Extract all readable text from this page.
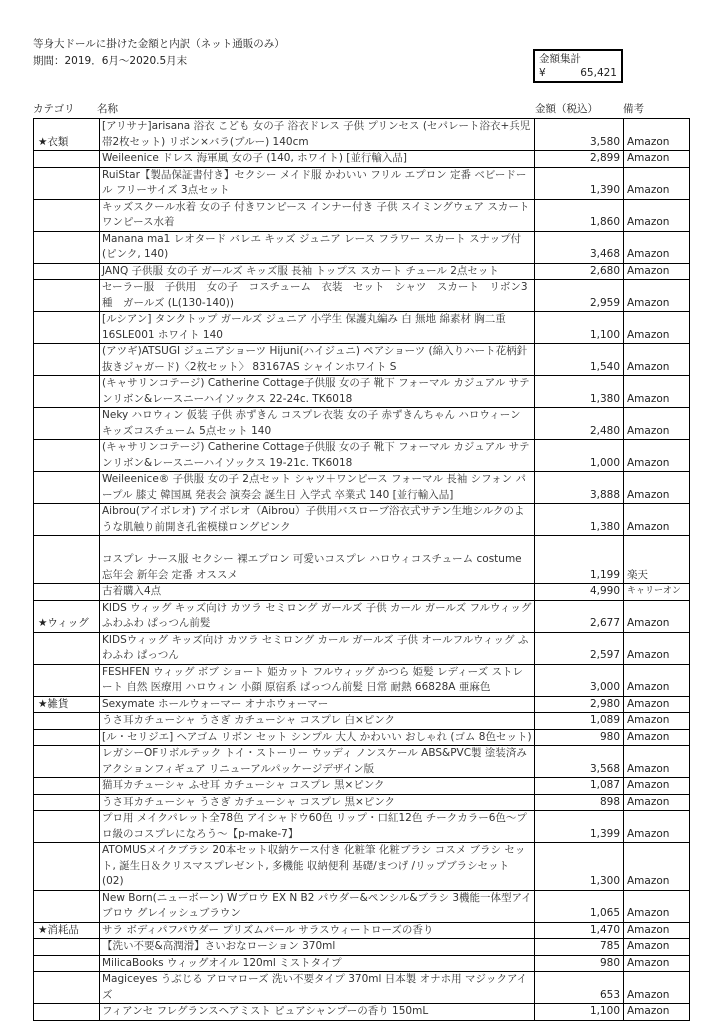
等身大ドールに掛けた金額と内訳（ネット通販のみ）
期間：2019．6月～2020.5月末	金額集計
¥	65,421
カテゴリ 名称	金額（税込） 備考
★衣類	[アリサナ]arisana 浴衣 こども 女の子 浴衣ドレス 子供 プリンセス (セパレート浴衣+兵児帯2枚セット) リボン×バラ(ブルー) 140cm	3,580	Amazon
	Weileenice ドレス 海軍風 女の子 (140, ホワイト) [並行輸入品]	2,899	Amazon
	RuiStar【製品保証書付き】セクシー メイド服 かわいい フリル エプロン 定番 ベビードール フリーサイズ 3点セット	1,390	Amazon
	キッズスクール水着 女の子 付きワンピース インナー付き 子供 スイミングウェア スカートワンピース水着	1,860	Amazon
	Manana ma1 レオタード バレエ キッズ ジュニア レース フラワー スカート スナップ付 (ピンク, 140)	3,468	Amazon
	JANQ 子供服 女の子 ガールズ キッズ服 長袖 トップス スカート チュール 2点セット	2,680	Amazon
	セーラー服　子供用　女の子　コスチューム　衣装　セット　シャツ　スカート　リボン3種　ガールズ (L(130-140))	2,959	Amazon
	[ルシアン] タンクトップ ガールズ ジュニア 小学生 保護丸編み 白 無地 綿素材 胸二重 16SLE001 ホワイト 140	1,100	Amazon
	(アツギ)ATSUGI ジュニアショーツ Hijuni(ハイジュニ) ペアショーツ (綿入りハート花柄針抜きジャガード)〈2枚セット〉 83167AS シャインホワイト S	1,540	Amazon
	(キャサリンコテージ) Catherine Cottage子供服 女の子 靴下 フォーマル カジュアル サテンリボン&レースニーハイソックス 22-24c. TK6018	1,380	Amazon
	Neky ハロウィン 仮装 子供 赤ずきん コスプレ衣装 女の子 赤ずきんちゃん ハロウィーン キッズコスチューム 5点セット 140	2,480	Amazon
	(キャサリンコテージ) Catherine Cottage子供服 女の子 靴下 フォーマル カジュアル サテンリボン&レースニーハイソックス 19-21c. TK6018	1,000	Amazon
	Weileenice® 子供服 女の子 2点セット シャツ＋ワンピース フォーマル 長袖 シフォン パープル 膝丈 韓国風 発表会 演奏会 誕生日 入学式 卒業式 140 [並行輸入品]	3,888	Amazon
	Aibrou(アイボレオ) アイボレオ（Aibrou）子供用バスローブ浴衣式サテン生地シルクのような肌触り前開き孔雀模様ロングピンク	1,380	Amazon
	コスプレ ナース服 セクシー 裸エプロン 可愛いコスプレ ハロウィコスチューム costume 忘年会 新年会 定番 オススメ	1,199	楽天
	古着購入4点	4,990	キャリーオン
★ウィッグ	KIDS ウィッグ キッズ向け カツラ セミロング ガールズ 子供 カール ガールズ フルウィッグ ふわふわ ぱっつん前髪	2,677	Amazon
	KIDSウィッグ キッズ向け カツラ セミロング カール ガールズ 子供 オールフルウィッグ ふわふわ ぱっつん	2,597	Amazon
	FESHFEN ウィッグ ボブ ショート 姫カット フルウィッグ かつら 姫髪 レディーズ ストレート 自然 医療用 ハロウィン 小顔 原宿系 ぱっつん前髪 日常 耐熱 66828A 亜麻色	3,000	Amazon
★雑貨	Sexymate ホールウォーマー オナホウォーマー	2,980	Amazon
	うさ耳カチューシャ うさぎ カチューシャ コスプレ 白×ピンク	1,089	Amazon
	[ル・セリジエ] ヘアゴム リボン セット シンプル 大人 かわいい おしゃれ (ゴム 8色セット)	980	Amazon
	レガシーOFリボルテック トイ・ストーリー ウッディ ノンスケール ABS&PVC製 塗装済みアクションフィギュア リニューアルパッケージデザイン版	3,568	Amazon
	猫耳カチューシャ ふせ耳 カチューシャ コスプレ 黒×ピンク	1,087	Amazon
	うさ耳カチューシャ うさぎ カチューシャ コスプレ 黒×ピンク	898	Amazon
	プロ用 メイクパレット全78色 アイシャドウ60色 リップ・口紅12色 チークカラー6色～プロ級のコスプレになろう～【p-make-7】	1,399	Amazon
	ATOMUSメイクブラシ 20本セット収納ケース付き 化粧筆 化粧ブラシ コスメ ブラシ セット, 誕生日＆クリスマスプレゼント, 多機能 収納便利 基礎/まつげ /リップブラシセット (02)	1,300	Amazon
	New Born(ニューボーン) Wブロウ EX N B2 パウダー&ペンシル&ブラシ 3機能一体型アイブロウ グレイッシュブラウン	1,065	Amazon
★消耗品	サラ ボディパフパウダー プリズムパール サラスウィートローズの香り	1,470	Amazon
	【洗い不要&高潤滑】さいおなローション 370ml	785	Amazon
	MilicaBooks ウィッグオイル 120ml ミストタイプ	980	Amazon
	Magiceyes うぶじる アロマローズ 洗い不要タイプ 370ml 日本製 オナホ用 マジックアイズ	653	Amazon
	フィアンセ フレグランスヘアミスト ピュアシャンプーの香り 150mL	1,100	Amazon
